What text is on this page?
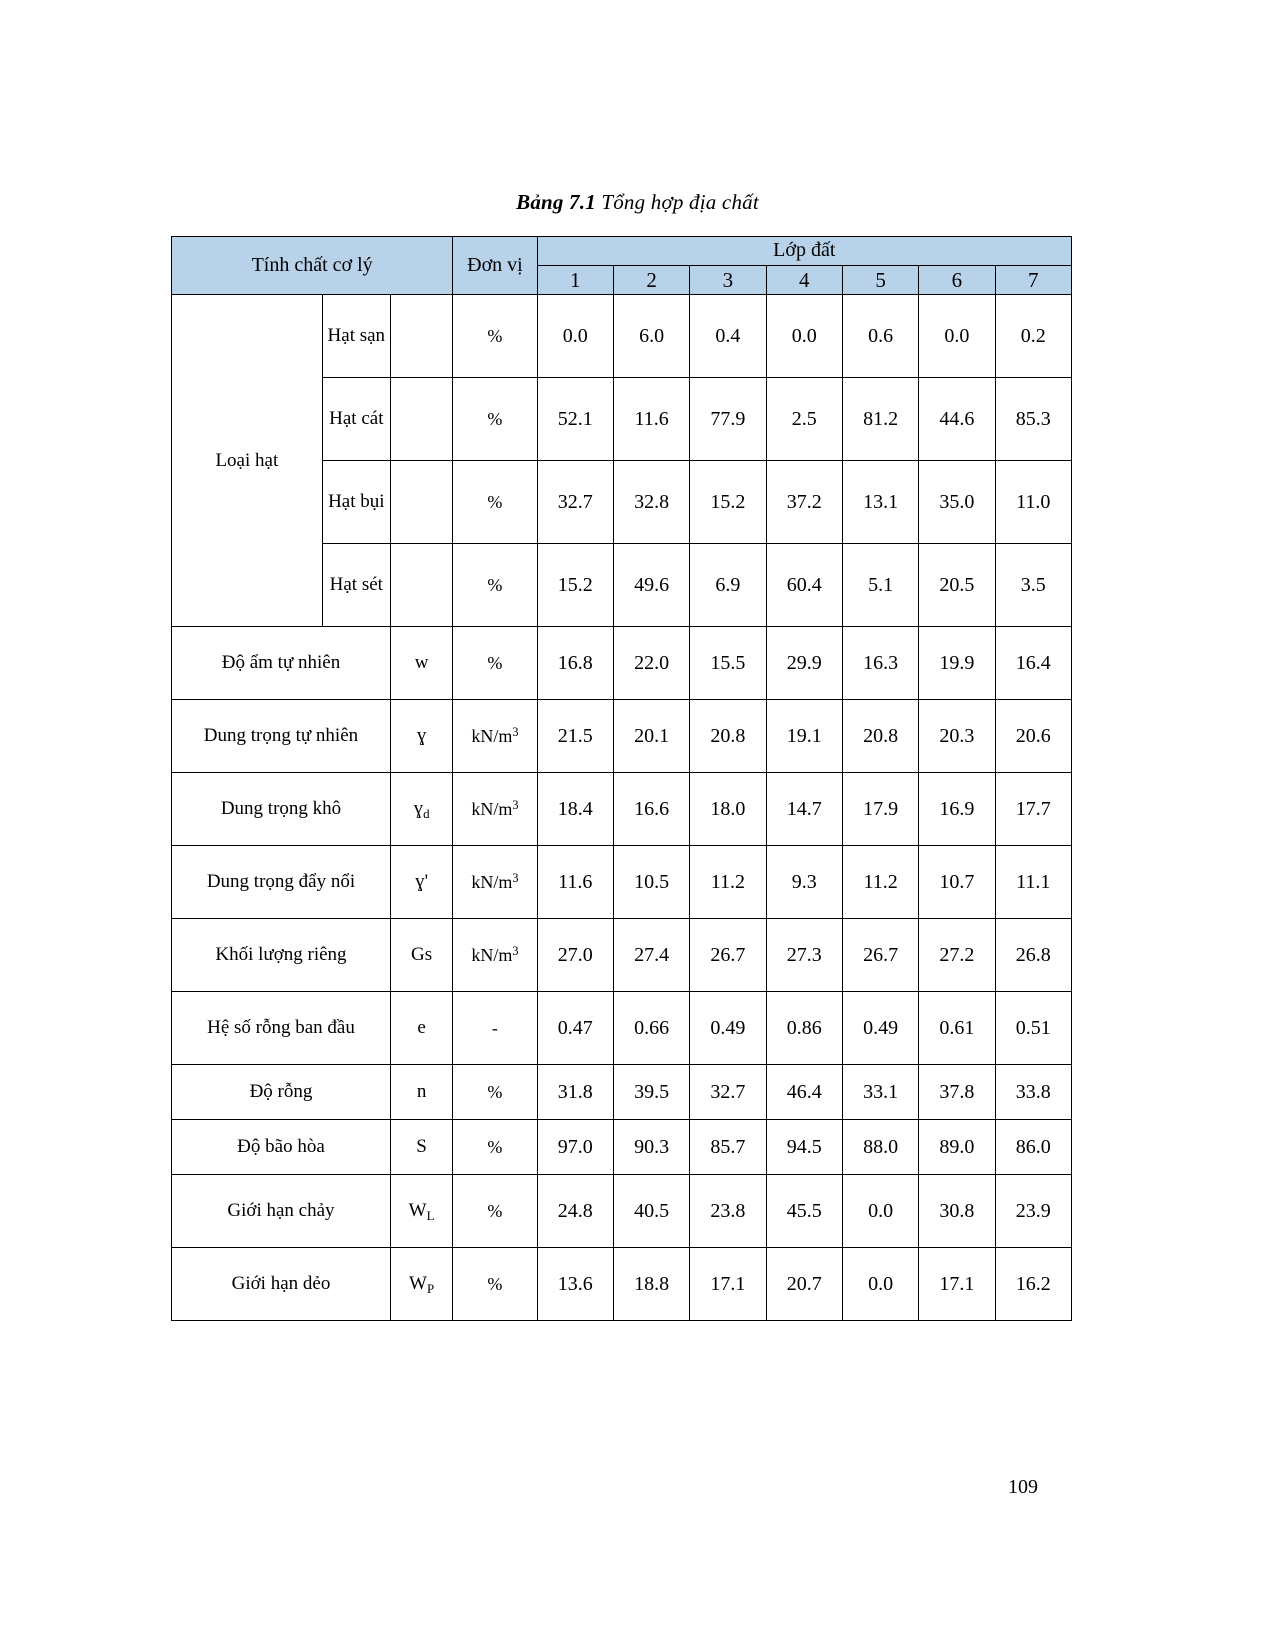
Bảng 7.1 Tổng hợp địa chất
Tính chất cơ lý			Đơn vị	Lớp đất						
				1	2	3	4	5	6	7
Loại hạt	Hạt sạn		%	0.0	6.0	0.4	0.0	0.6	0.0	0.2
	Hạt cát		%	52.1	11.6	77.9	2.5	81.2	44.6	85.3
	Hạt bụi		%	32.7	32.8	15.2	37.2	13.1	35.0	11.0
	Hạt sét		%	15.2	49.6	6.9	60.4	5.1	20.5	3.5
Độ ẩm tự nhiên		w	%	16.8	22.0	15.5	29.9	16.3	19.9	16.4
Dung trọng tự nhiên		ɣ	$kN/m^3$	21.5	20.1	20.8	19.1	20.8	20.3	20.6
Dung trọng khô		ɣ$_d$	$kN/m^3$	18.4	16.6	18.0	14.7	17.9	16.9	17.7
Dung trọng đẩy nổi		ɣ'	$kN/m^3$	11.6	10.5	11.2	9.3	11.2	10.7	11.1
Khối lượng riêng		Gs	$kN/m^3$	27.0	27.4	26.7	27.3	26.7	27.2	26.8
Hệ số rỗng ban đầu		e	-	0.47	0.66	0.49	0.86	0.49	0.61	0.51
Độ rỗng		n	%	31.8	39.5	32.7	46.4	33.1	37.8	33.8
Độ bão hòa		S	%	97.0	90.3	85.7	94.5	88.0	89.0	86.0
Giới hạn chảy		$W_L$	%	24.8	40.5	23.8	45.5	0.0	30.8	23.9
Giới hạn dẻo		$W_P$	%	13.6	18.8	17.1	20.7	0.0	17.1	16.2
109
